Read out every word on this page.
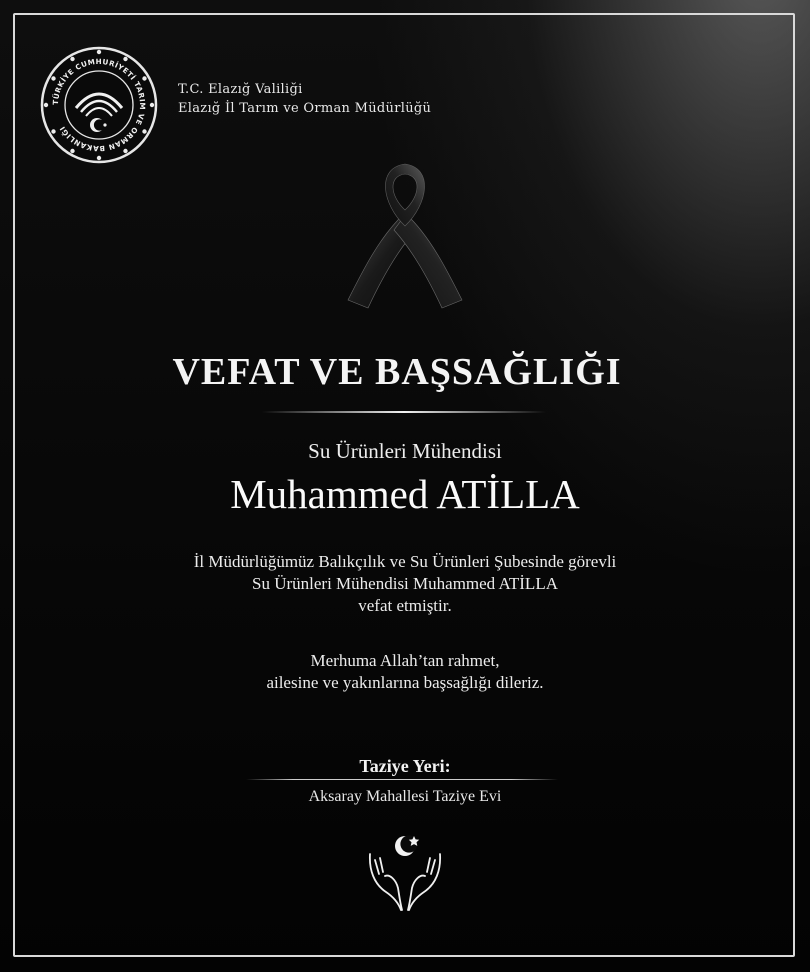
TÜRKİYE CUMHURİYETİ TARIM VE ORMAN BAKANLIĞI
T.C. Elazığ Valiliği
Elazığ İl Tarım ve Orman Müdürlüğü
VEFAT VE BAŞSAĞLIĞI
Su Ürünleri Mühendisi
Muhammed ATİLLA
İl Müdürlüğümüz Balıkçılık ve Su Ürünleri Şubesinde görevli
Su Ürünleri Mühendisi Muhammed ATİLLA
vefat etmiştir.
Merhuma Allah’tan rahmet,
ailesine ve yakınlarına başsağlığı dileriz.
Taziye Yeri:
Aksaray Mahallesi Taziye Evi
